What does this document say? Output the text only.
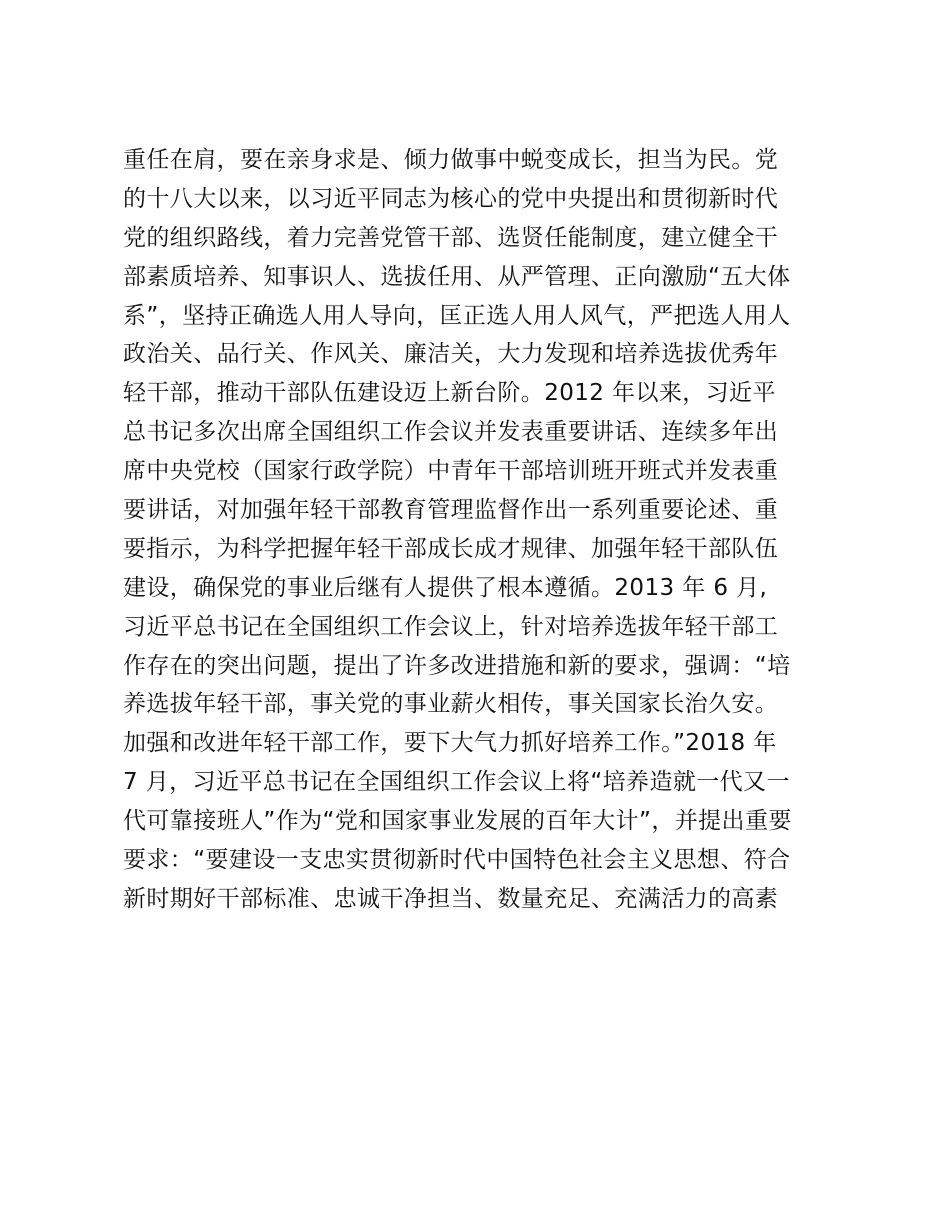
重任在肩，要在亲身求是、倾力做事中蜕变成长，担当为民。党
的十八大以来，以习近平同志为核心的党中央提出和贯彻新时代
党的组织路线，着力完善党管干部、选贤任能制度，建立健全干
部素质培养、知事识人、选拔任用、从严管理、正向激励“五大体
系”，坚持正确选人用人导向，匡正选人用人风气，严把选人用人
政治关、品行关、作风关、廉洁关，大力发现和培养选拔优秀年
轻干部，推动干部队伍建设迈上新台阶。2012 年以来，习近平
总书记多次出席全国组织工作会议并发表重要讲话、连续多年出
席中央党校（国家行政学院）中青年干部培训班开班式并发表重
要讲话，对加强年轻干部教育管理监督作出一系列重要论述、重
要指示，为科学把握年轻干部成长成才规律、加强年轻干部队伍
建设，确保党的事业后继有人提供了根本遵循。2013 年 6 月,
习近平总书记在全国组织工作会议上，针对培养选拔年轻干部工
作存在的突出问题，提出了许多改进措施和新的要求，强调：“培
养选拔年轻干部，事关党的事业薪火相传，事关国家长治久安。
加强和改进年轻干部工作，要下大气力抓好培养工作。”2018 年
7 月，习近平总书记在全国组织工作会议上将“培养造就一代又一
代可靠接班人”作为“党和国家事业发展的百年大计”，并提出重要
要求：“要建设一支忠实贯彻新时代中国特色社会主义思想、符合
新时期好干部标准、忠诚干净担当、数量充足、充满活力的高素
